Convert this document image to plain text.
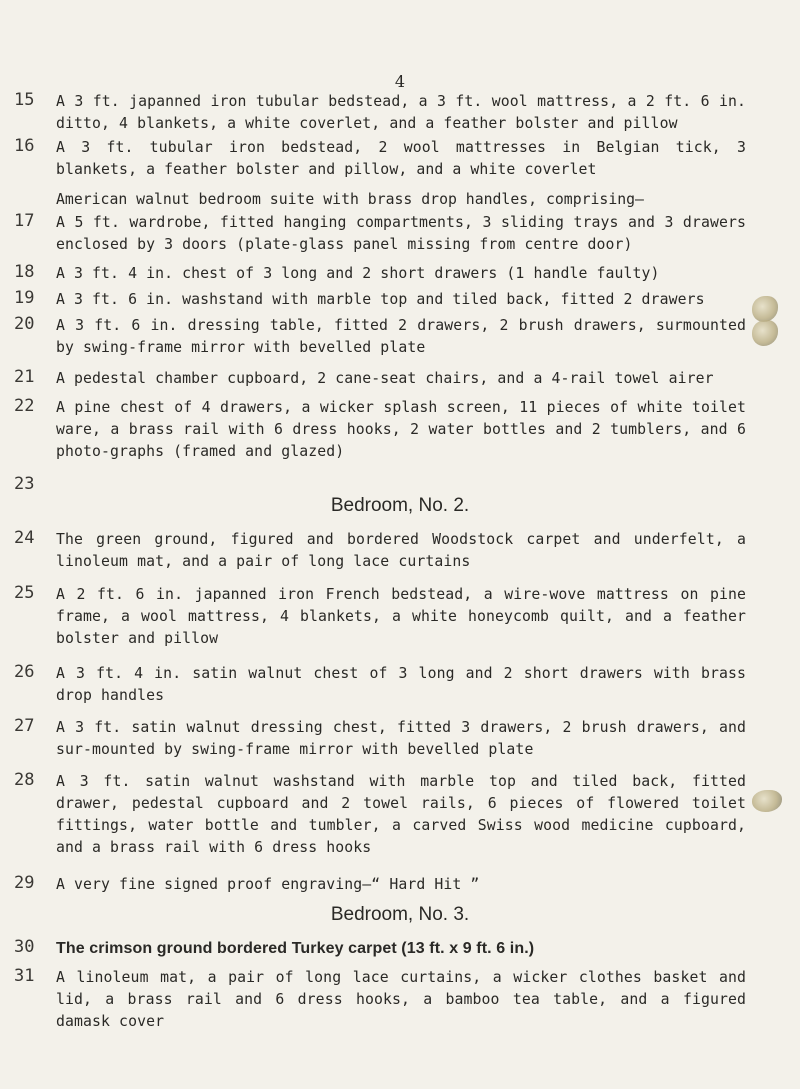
4
15	A 3 ft. japanned iron tubular bedstead, a 3 ft. wool mattress, a 2 ft. 6 in. ditto, 4 blankets, a white coverlet, and a feather bolster and pillow
16	A 3 ft. tubular iron bedstead, 2 wool mattresses in Belgian tick, 3 blankets, a feather bolster and pillow, and a white coverlet
American walnut bedroom suite with brass drop handles, comprising—
17	A 5 ft. wardrobe, fitted hanging compartments, 3 sliding trays and 3 drawers enclosed by 3 doors (plate-glass panel missing from centre door)
18	A 3 ft. 4 in. chest of 3 long and 2 short drawers (1 handle faulty)
19	A 3 ft. 6 in. washstand with marble top and tiled back, fitted 2 drawers
20	A 3 ft. 6 in. dressing table, fitted 2 drawers, 2 brush drawers, surmounted by swing-frame mirror with bevelled plate
21	A pedestal chamber cupboard, 2 cane-seat chairs, and a 4-rail towel airer
22	A pine chest of 4 drawers, a wicker splash screen, 11 pieces of white toilet ware, a brass rail with 6 dress hooks, 2 water bottles and 2 tumblers, and 6 photo-graphs (framed and glazed)
23
Bedroom, No. 2.
24	The green ground, figured and bordered Woodstock carpet and underfelt, a linoleum mat, and a pair of long lace curtains
25	A 2 ft. 6 in. japanned iron French bedstead, a wire-wove mattress on pine frame, a wool mattress, 4 blankets, a white honeycomb quilt, and a feather bolster and pillow
26	A 3 ft. 4 in. satin walnut chest of 3 long and 2 short drawers with brass drop handles
27	A 3 ft. satin walnut dressing chest, fitted 3 drawers, 2 brush drawers, and sur-mounted by swing-frame mirror with bevelled plate
28	A 3 ft. satin walnut washstand with marble top and tiled back, fitted drawer, pedestal cupboard and 2 towel rails, 6 pieces of flowered toilet fittings, water bottle and tumbler, a carved Swiss wood medicine cupboard, and a brass rail with 6 dress hooks
29	A very fine signed proof engraving—“ Hard Hit ”
Bedroom, No. 3.
30	The crimson ground bordered Turkey carpet (13 ft. x 9 ft. 6 in.)
31	A linoleum mat, a pair of long lace curtains, a wicker clothes basket and lid, a brass rail and 6 dress hooks, a bamboo tea table, and a figured damask cover
